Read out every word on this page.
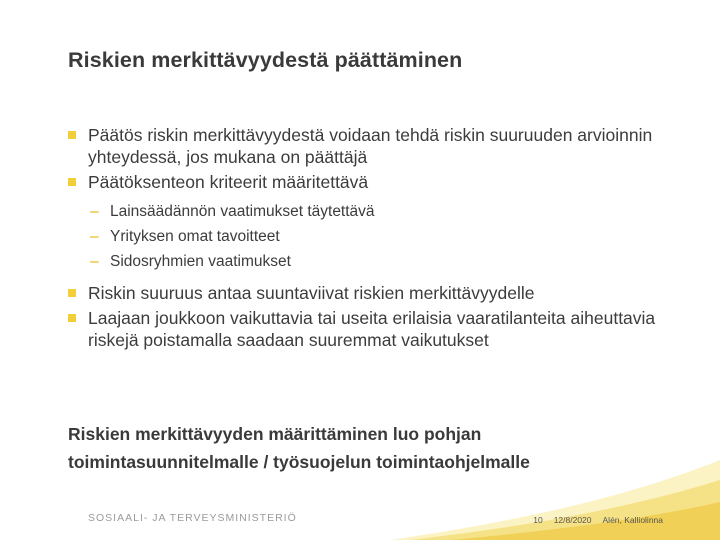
Riskien merkittävyydestä päättäminen

Päätös riskin merkittävyydestä voidaan tehdä riskin suuruuden arvioinnin yhteydessä, jos mukana on päättäjä

Päätöksenteon kriteerit määritettävä

– Lainsäädännön vaatimukset täytettävä

– Yrityksen omat tavoitteet

– Sidosryhmien vaatimukset

Riskin suuruus antaa suuntaviivat riskien merkittävyydelle

Laajaan joukkoon vaikuttavia tai useita erilaisia vaaratilanteita aiheuttavia riskejä poistamalla saadaan suuremmat vaikutukset

Riskien merkittävyyden määrittäminen luo pohjan
toimintasuunnitelmalle / työsuojelun toimintaohjelmalle

SOSIAALI- JA TERVEYSMINISTERIÖ	10 12/8/2020 Alén, Kalliolinna
